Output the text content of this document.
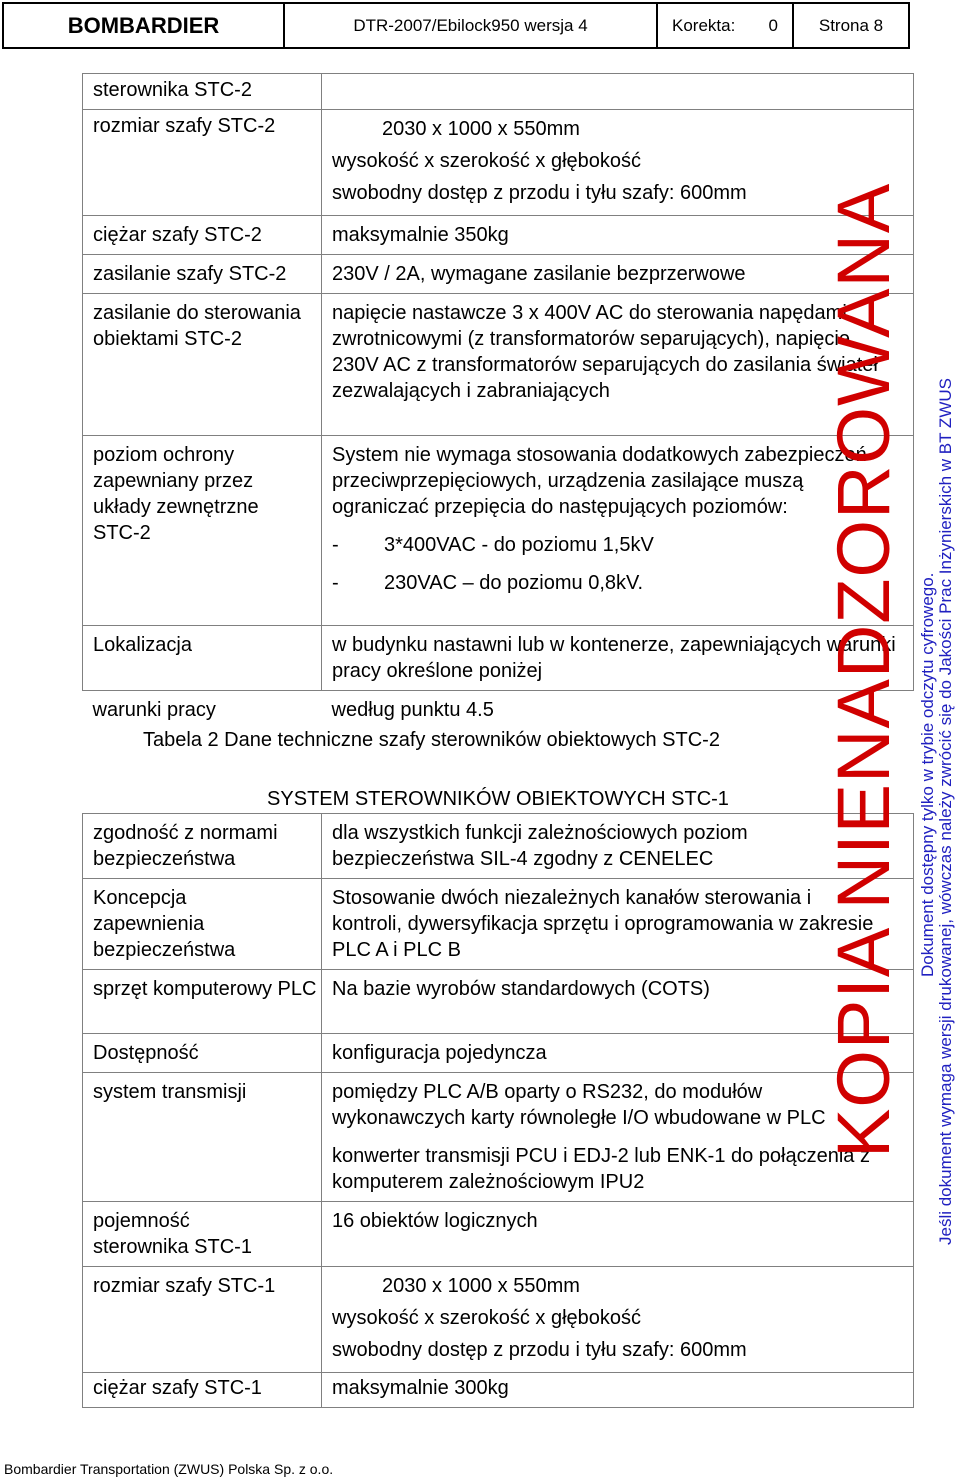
BOMBARDIER	DTR-2007/Ebilock950 wersja 4	Korekta: 0	Strona 8
sterownika STC-2	
rozmiar szafy STC-2	2030 x 1000 x 550mm
wysokość x szerokość x głębokość
swobodny dostęp z przodu i tyłu szafy: 600mm

ciężar szafy STC-2	maksymalnie 350kg
zasilanie szafy STC-2	230V / 2A, wymagane zasilanie bezprzerwowe
zasilanie do sterowania obiektami STC-2	napięcie nastawcze 3 x 400V AC do sterowania napędami zwrotnicowymi (z transformatorów separujących), napięcie 230V AC z transformatorów separujących do zasilania świateł zezwalających i zabraniających
poziom ochrony zapewniany przez układy zewnętrzne STC-2	System nie wymaga stosowania dodatkowych zabezpieczeń przeciwprzepięciowych, urządzenia zasilające muszą ograniczać przepięcia do następujących poziomów:
- 3*400VAC - do poziomu 1,5kV
- 230VAC – do poziomu 0,8kV.

Lokalizacja	w budynku nastawni lub w kontenerze, zapewniających warunki pracy określone poniżej
warunki pracy	według punktu 4.5
Tabela 2 Dane techniczne szafy sterowników obiektowych STC-2
SYSTEM STEROWNIKÓW OBIEKTOWYCH STC-1
zgodność z normami bezpieczeństwa	dla wszystkich funkcji zależnościowych poziom bezpieczeństwa SIL-4 zgodny z CENELEC
Koncepcja zapewnienia bezpieczeństwa	Stosowanie dwóch niezależnych kanałów sterowania i kontroli, dywersyfikacja sprzętu i oprogramowania w zakresie PLC A i PLC B
sprzęt komputerowy PLC	Na bazie wyrobów standardowych (COTS)
Dostępność	konfiguracja pojedyncza
system transmisji	pomiędzy PLC A/B oparty o RS232, do modułów wykonawczych karty równoległe I/O wbudowane w PLC
konwerter transmisji PCU i EDJ-2 lub ENK-1 do połączenia z komputerem zależnościowym IPU2

pojemność sterownika STC-1	16 obiektów logicznych
rozmiar szafy STC-1	2030 x 1000 x 550mm
wysokość x szerokość x głębokość
swobodny dostęp z przodu i tyłu szafy: 600mm

ciężar szafy STC-1	maksymalnie 300kg
KOPIA NIENADZOROWANA Dokument dostępny tylko w trybie odczytu cyfrowego. Jeśli dokument wymaga wersji drukowanej, wówczas należy zwrócić się do Jakości Prac Inżynierskich w BT ZWUS
Bombardier Transportation (ZWUS) Polska Sp. z o.o.
